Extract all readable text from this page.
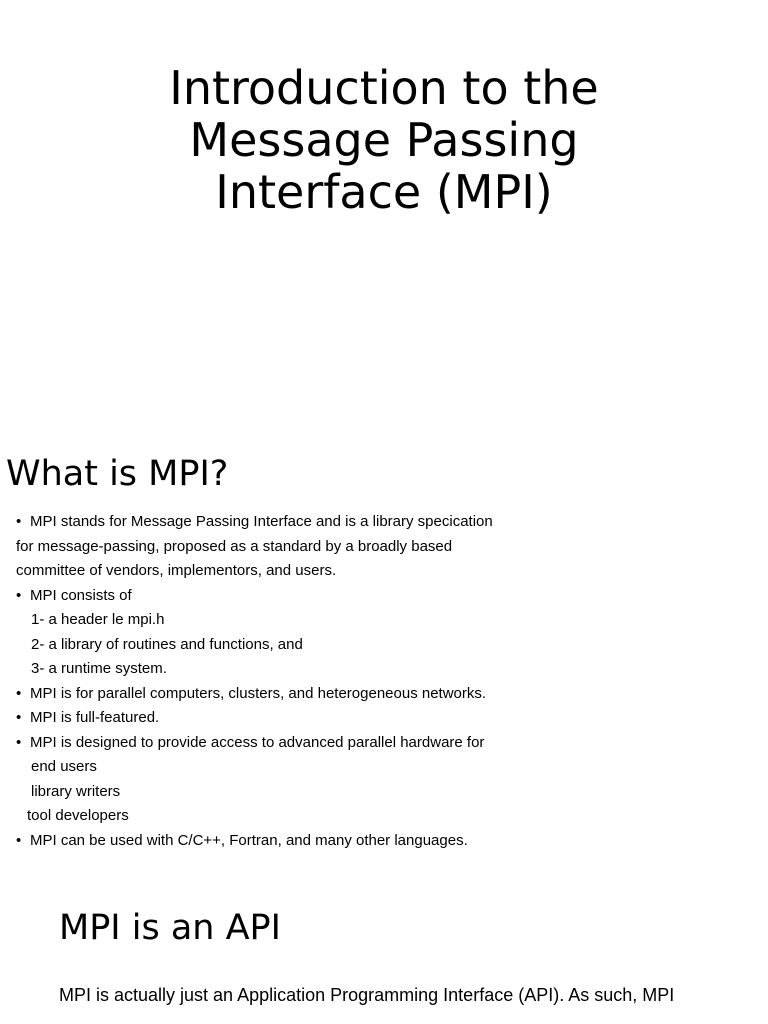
Introduction to the
Message Passing
Interface (MPI)
What is MPI?
• MPI stands for Message Passing Interface and is a library specication
for message-passing, proposed as a standard by a broadly based
committee of vendors, implementors, and users.
• MPI consists of
1- a header le mpi.h
2- a library of routines and functions, and
3- a runtime system.
• MPI is for parallel computers, clusters, and heterogeneous networks.
• MPI is full-featured.
• MPI is designed to provide access to advanced parallel hardware for
end users
library writers
tool developers
• MPI can be used with C/C++, Fortran, and many other languages.
MPI is an API

MPI is actually just an Application Programming Interface (API). As such, MPI
